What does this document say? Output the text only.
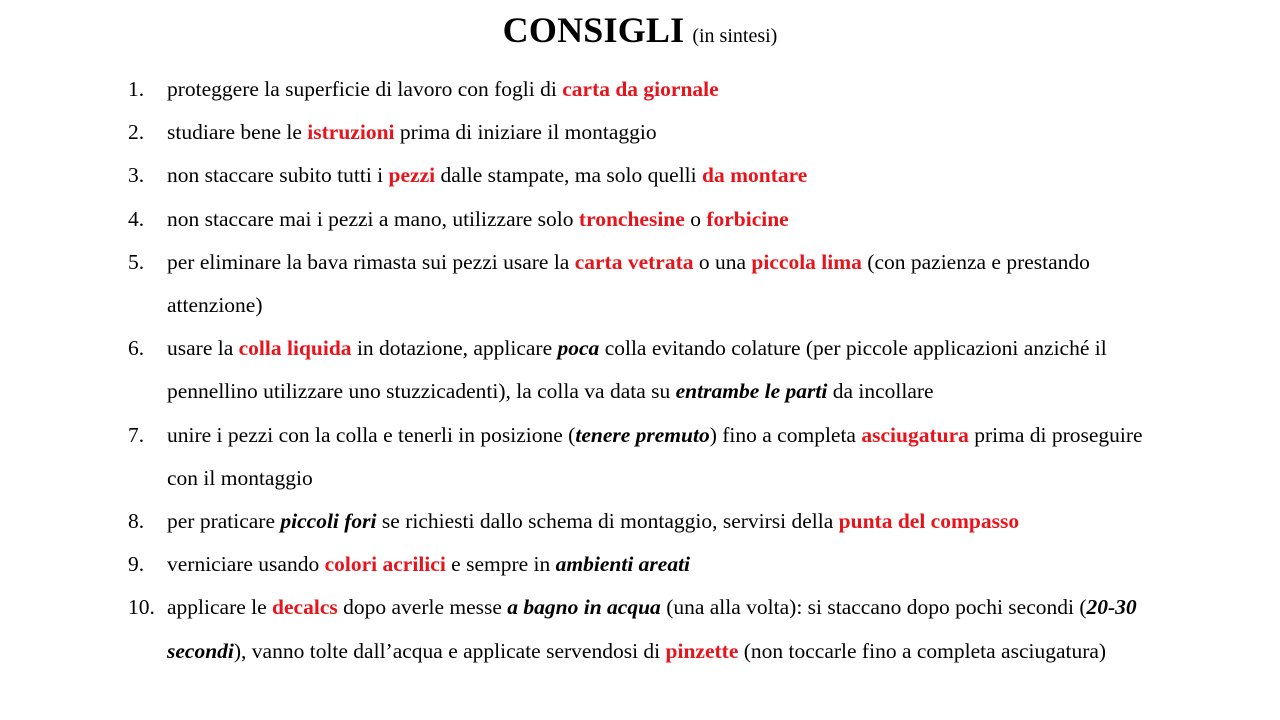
CONSIGLI (in sintesi)
1.	proteggere la superficie di lavoro con fogli di carta da giornale
2.	studiare bene le istruzioni prima di iniziare il montaggio
3.	non staccare subito tutti i pezzi dalle stampate, ma solo quelli da montare
4.	non staccare mai i pezzi a mano, utilizzare solo tronchesine o forbicine
5.	per eliminare la bava rimasta sui pezzi usare la carta vetrata o una piccola lima (con pazienza e prestando attenzione)
6.	usare la colla liquida in dotazione, applicare poca colla evitando colature (per piccole applicazioni anziché il pennellino utilizzare uno stuzzicadenti), la colla va data su entrambe le parti da incollare
7.	unire i pezzi con la colla e tenerli in posizione (tenere premuto) fino a completa asciugatura prima di proseguire con il montaggio
8.	per praticare piccoli fori se richiesti dallo schema di montaggio, servirsi della punta del compasso
9.	verniciare usando colori acrilici e sempre in ambienti areati
10. applicare le decalcs dopo averle messe a bagno in acqua (una alla volta): si staccano dopo pochi secondi (20-30 secondi), vanno tolte dall’acqua e applicate servendosi di pinzette (non toccarle fino a completa asciugatura)
